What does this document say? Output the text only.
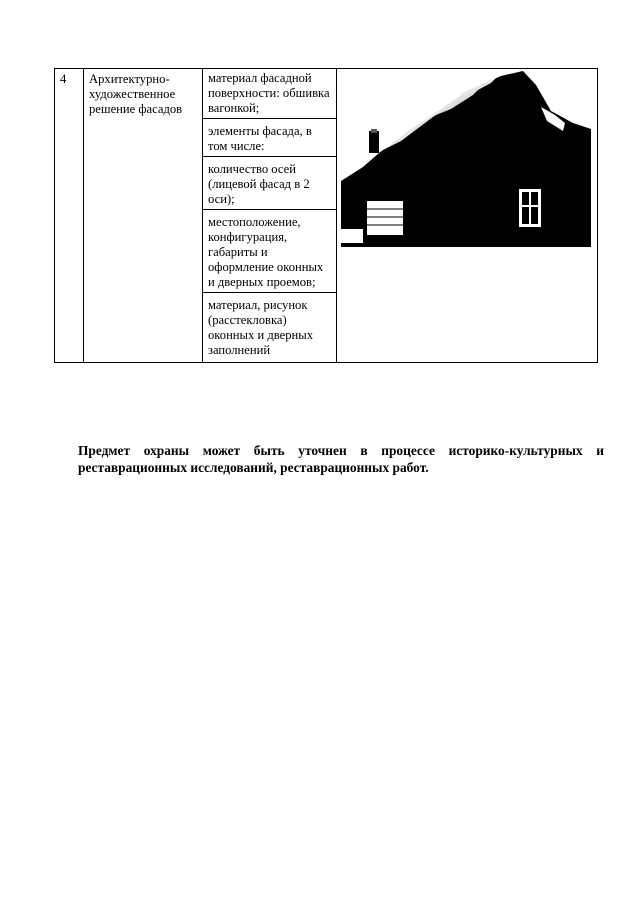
4	Архитектурно-художественное решение фасадов

материал фасадной поверхности: обшивка вагонкой;
элементы фасада, в том числе:
количество осей (лицевой фасад в 2 оси);
местоположение, конфигурация, габариты и оформление оконных и дверных проемов;
материал, рисунок (расстекловка) оконных и дверных заполнений

Предмет охраны может быть уточнен в процессе историко-культурных и реставрационных исследований, реставрационных работ.
